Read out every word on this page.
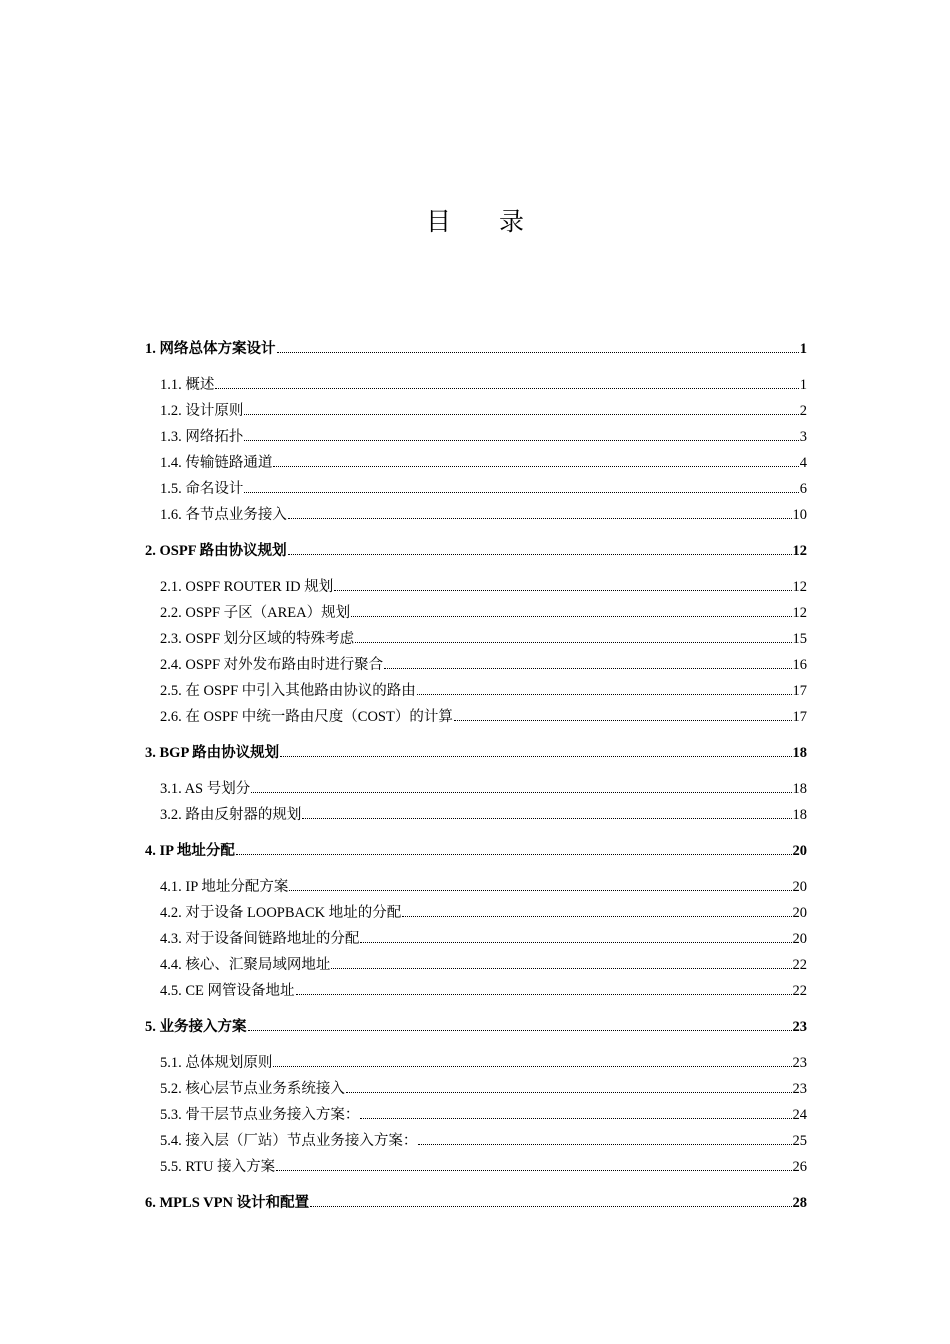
目 录
1. 网络总体方案设计	1
1.1. 概述	1
1.2. 设计原则	2
1.3. 网络拓扑	3
1.4. 传输链路通道	4
1.5. 命名设计	6
1.6. 各节点业务接入	10
2. OSPF 路由协议规划	12
2.1. OSPF ROUTER ID 规划	12
2.2. OSPF 子区（AREA）规划	12
2.3. OSPF 划分区域的特殊考虑	15
2.4. OSPF 对外发布路由时进行聚合	16
2.5. 在 OSPF 中引入其他路由协议的路由	17
2.6. 在 OSPF 中统一路由尺度（COST）的计算	17
3. BGP 路由协议规划	18
3.1. AS 号划分	18
3.2. 路由反射器的规划	18
4. IP 地址分配	20
4.1. IP 地址分配方案	20
4.2. 对于设备 LOOPBACK 地址的分配	20
4.3. 对于设备间链路地址的分配	20
4.4. 核心、汇聚局域网地址	22
4.5. CE 网管设备地址	22
5. 业务接入方案	23
5.1. 总体规划原则	23
5.2. 核心层节点业务系统接入	23
5.3. 骨干层节点业务接入方案：	24
5.4. 接入层（厂站）节点业务接入方案：	25
5.5. RTU 接入方案	26
6. MPLS VPN 设计和配置	28
